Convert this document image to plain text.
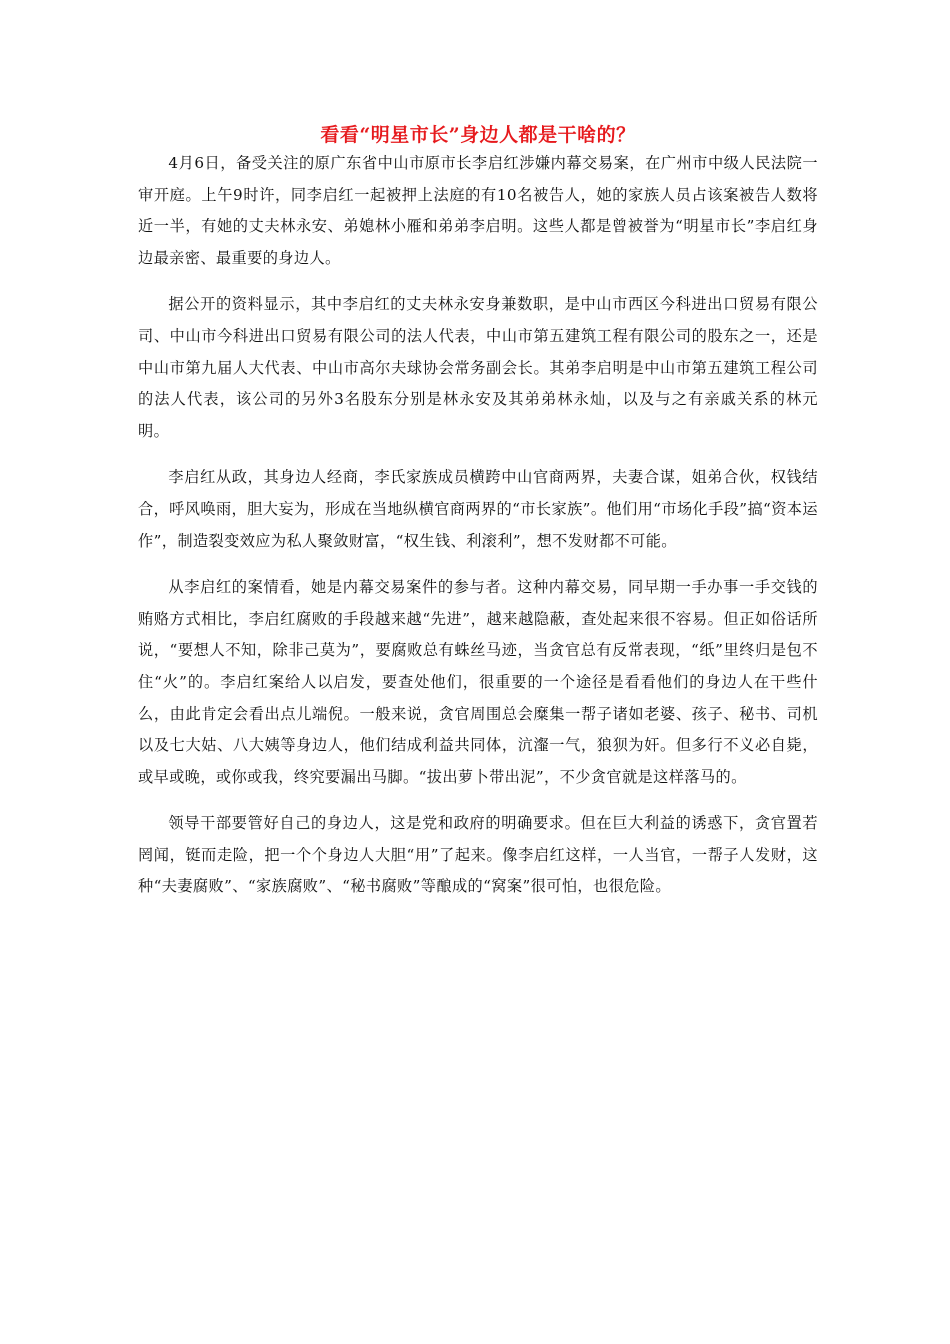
看看“明星市长”身边人都是干啥的？

4月6日，备受关注的原广东省中山市原市长李启红涉嫌内幕交易案，在广州市中级人民法院一审开庭。上午9时许，同李启红一起被押上法庭的有10名被告人，她的家族人员占该案被告人数将近一半，有她的丈夫林永安、弟媳林小雁和弟弟李启明。这些人都是曾被誉为“明星市长”李启红身边最亲密、最重要的身边人。

据公开的资料显示，其中李启红的丈夫林永安身兼数职，是中山市西区今科进出口贸易有限公司、中山市今科进出口贸易有限公司的法人代表，中山市第五建筑工程有限公司的股东之一，还是中山市第九届人大代表、中山市高尔夫球协会常务副会长。其弟李启明是中山市第五建筑工程公司的法人代表，该公司的另外3名股东分别是林永安及其弟弟林永灿，以及与之有亲戚关系的林元明。

李启红从政，其身边人经商，李氏家族成员横跨中山官商两界，夫妻合谋，姐弟合伙，权钱结合，呼风唤雨，胆大妄为，形成在当地纵横官商两界的“市长家族”。他们用“市场化手段”搞“资本运作”，制造裂变效应为私人聚敛财富，“权生钱、利滚利”，想不发财都不可能。

从李启红的案情看，她是内幕交易案件的参与者。这种内幕交易，同早期一手办事一手交钱的贿赂方式相比，李启红腐败的手段越来越“先进”，越来越隐蔽，查处起来很不容易。但正如俗话所说，“要想人不知，除非己莫为”，要腐败总有蛛丝马迹，当贪官总有反常表现，“纸”里终归是包不住“火”的。李启红案给人以启发，要查处他们，很重要的一个途径是看看他们的身边人在干些什么，由此肯定会看出点儿端倪。一般来说，贪官周围总会糜集一帮子诸如老婆、孩子、秘书、司机以及七大姑、八大姨等身边人，他们结成利益共同体，沆瀣一气，狼狈为奸。但多行不义必自毙，或早或晚，或你或我，终究要漏出马脚。“拔出萝卜带出泥”，不少贪官就是这样落马的。

领导干部要管好自己的身边人，这是党和政府的明确要求。但在巨大利益的诱惑下，贪官置若罔闻，铤而走险，把一个个身边人大胆“用”了起来。像李启红这样，一人当官，一帮子人发财，这种“夫妻腐败”、“家族腐败”、“秘书腐败”等酿成的“窝案”很可怕，也很危险。
